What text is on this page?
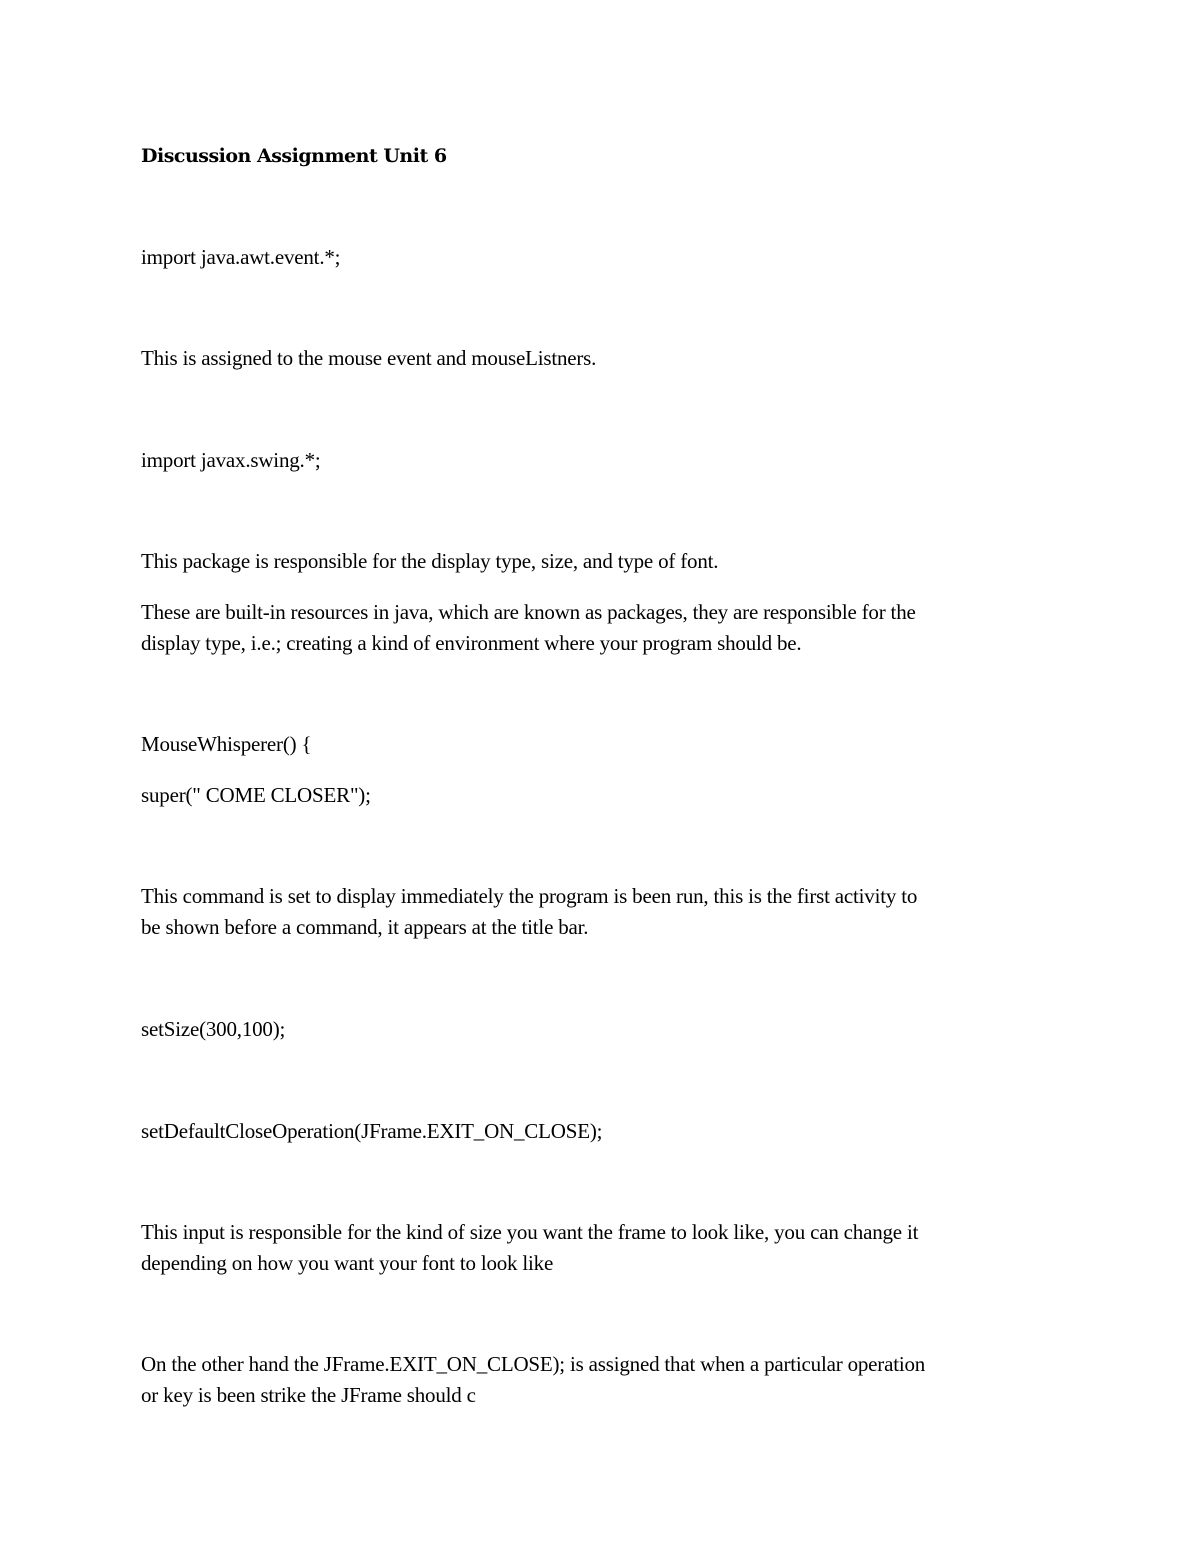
Discussion Assignment Unit 6
import java.awt.event.*;
This is assigned to the mouse event and mouseListners.
import javax.swing.*;
This package is responsible for the display type, size, and type of font.
These are built-in resources in java, which are known as packages, they are responsible for the
display type, i.e.; creating a kind of environment where your program should be.
MouseWhisperer() {
super(" COME CLOSER");
This command is set to display immediately the program is been run, this is the first activity to
be shown before a command, it appears at the title bar.
setSize(300,100);
setDefaultCloseOperation(JFrame.EXIT_ON_CLOSE);
This input is responsible for the kind of size you want the frame to look like, you can change it
depending on how you want your font to look like
On the other hand the JFrame.EXIT_ON_CLOSE); is assigned that when a particular operation
or key is been strike the JFrame should c
